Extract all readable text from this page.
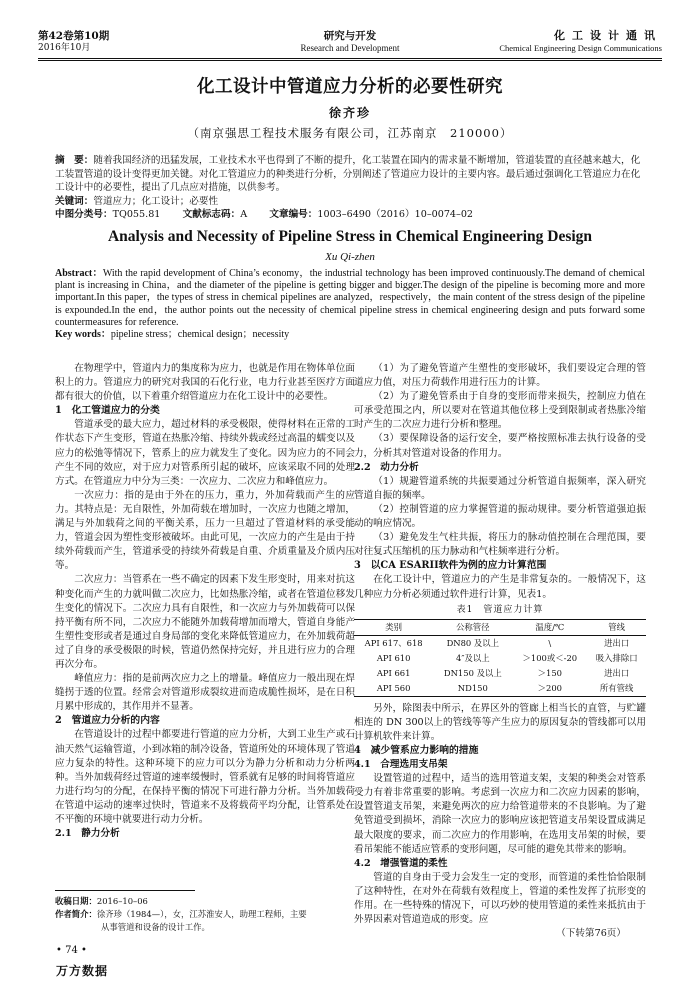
第42卷第10期
2016年10月
研究与开发
Research and Development
化工设计通讯
Chemical Engineering Design Communications
化工设计中管道应力分析的必要性研究
徐齐珍
（南京强思工程技术服务有限公司，江苏南京　210000）

摘　要：随着我国经济的迅猛发展，工业技术水平也得到了不断的提升，化工装置在国内的需求量不断增加，管道装置的直径越来越大，化工装置管道的设计变得更加关键。对化工管道应力的种类进行分析，分别阐述了管道应力设计的主要内容。最后通过强调化工管道应力在化工设计中的必要性，提出了几点应对措施，以供参考。

关键词：管道应力；化工设计；必要性

中图分类号：TQ055.81   文献标志码：A   文章编号：1003–6490（2016）10–0074–02

Analysis and Necessity of Pipeline Stress in Chemical Engineering Design
Xu Qi-zhen

Abstract：With the rapid development of China’s economy，the industrial technology has been improved continuously.The demand of chemical plant is increasing in China，and the diameter of the pipeline is getting bigger and bigger.The design of the pipeline is becoming more and more important.In this paper，the types of stress in chemical pipelines are analyzed，respectively，the main content of the stress design of the pipeline is expounded.In the end，the author points out the necessity of chemical pipeline stress in chemical engineering design and puts forward some countermeasures for reference.

Key words：pipeline stress；chemical design；necessity

在物理学中，管道内力的集度称为应力，也就是作用在物体单位面积上的力。管道应力的研究对我国的石化行业，电力行业甚至医疗方面都有很大的价值，以下着重介绍管道应力在化工设计中的必要性。

1　化工管道应力的分类

管道承受的最大应力，超过材料的承受极限，使得材料在正常的工作状态下产生变形，管道在热胀冷缩、持续外载或经过高温的蠕变以及应力的松弛等情况下，管系上的应力就发生了变化。因为应力的不同会产生不同的效应，对于应力对管系所引起的破坏，应该采取不同的处理方式。在管道应力中分为三类：一次应力、二次应力和峰值应力。

一次应力：指的是由于外在的压力，重力，外加荷载而产生的应力。其特点是：无自限性，外加荷载在增加时，一次应力也随之增加，满足与外加载荷之间的平衡关系，压力一旦超过了管道材料的承受能力，管道会因为塑性变形被破坏。由此可见，一次应力的产生是由于持续外荷载而产生，管道承受的持续外荷载是自重、介质重量及介质内压等。

二次应力：当管系在一些不确定的因素下发生形变时，用来对抗这种变化而产生的力就叫做二次应力，比如热胀冷缩，或者在管道位移发生变化的情况下。二次应力具有自限性，和一次应力与外加载荷可以保持平衡有所不同，二次应力不能随外加载荷增加而增大，管道自身能产生塑性变形或者是通过自身局部的变化来降低管道应力，在外加载荷超过了自身的承受极限的时候，管道仍然保持完好，并且进行应力的合理再次分布。

峰值应力：指的是前两次应力之上的增量。峰值应力一般出现在焊缝拐于透的位置。经常会对管道形成裂纹进而造成脆性损坏，是在日积月累中形成的，其作用并不显著。

2　管道应力分析的内容

在管道设计的过程中都要进行管道的应力分析，大到工业生产或石油天然气运输管道，小到冰箱的制冷设备，管道所处的环境体现了管道应力复杂的特性。这种环境下的应力可以分为静力分析和动力分析两种。当外加载荷经过管道的速率缓慢时，管系就有足够的时间将管道应力进行均匀的分配，在保持平衡的情况下可进行静力分析。当外加载荷在管道中运动的速率过快时，管道来不及将载荷平均分配，让管系处在不平衡的环境中就要进行动力分析。

2.1　静力分析

（1）为了避免管道产生塑性的变形破坏，我们要设定合理的管道应力值，对压力荷载作用进行压力的计算。

（2）为了避免管系由于自身的变形而带来损失，控制应力值在可承受范围之内，所以要对在管道其他位移上受到限制或者热胀冷缩时产生的二次应力进行分析和整理。

（3）要保障设备的运行安全，要严格按照标准去执行设备的受力，分析其对管道对设备的作用力。

2.2　动力分析

（1）规避管道系统的共振要通过分析管道自振频率，深入研究管道自振的频率。

（2）控制管道的应力掌握管道的振动规律。要分析管道强迫振动的响应情况。

（3）避免发生气柱共振，将压力的脉动值控制在合理范围，要对往复式压缩机的压力脉动和气柱频率进行分析。

3　以CA ESARII软件为例的应力计算范围

在化工设计中，管道应力的产生是非常复杂的。一般情况下，这几种应力分析必须通过软件进行计算，见表1。

表1　管道应力计算
类别	公称管径	温度/℃	管线
API 617、618	DN80 及以上	\	进出口
API 610	4″及以上	＞100或＜-20	吸入排除口
API 661	DN150 及以上	＞150	进出口
API 560	ND150	＞200	所有管线

另外，除图表中所示，在界区外的管廊上相当长的直管，与贮罐相连的 DN 300以上的管线等等产生应力的原因复杂的管线都可以用计算机软件来计算。

4　减少管系应力影响的措施
4.1　合理选用支吊架

设置管道的过程中，适当的选用管道支架，支架的种类会对管系受力有着非常重要的影响。考虑到一次应力和二次应力因素的影响，设置管道支吊架，来避免两次的应力给管道带来的不良影响。为了避免管道受到损坏，消除一次应力的影响应该把管道支吊架设置成满足最大限度的要求，而二次应力的作用影响，在选用支吊架的时候，要看吊架能不能适应管系的变形问题，尽可能的避免其带来的影响。

4.2　增强管道的柔性

管道的自身由于受力会发生一定的变形，而管道的柔性恰恰限制了这种特性，在对外在荷载有效程度上，管道的柔性发挥了抗形变的作用。在一些特殊的情况下，可以巧妙的使用管道的柔性来抵抗由于外界因素对管道造成的形变。应

（下转第76页）

收稿日期：2016–10–06

作者简介：徐齐珍（1984—），女，江苏淮安人，助理工程师，主要

从事管道和设备的设计工作。

• 74 •
万方数据
